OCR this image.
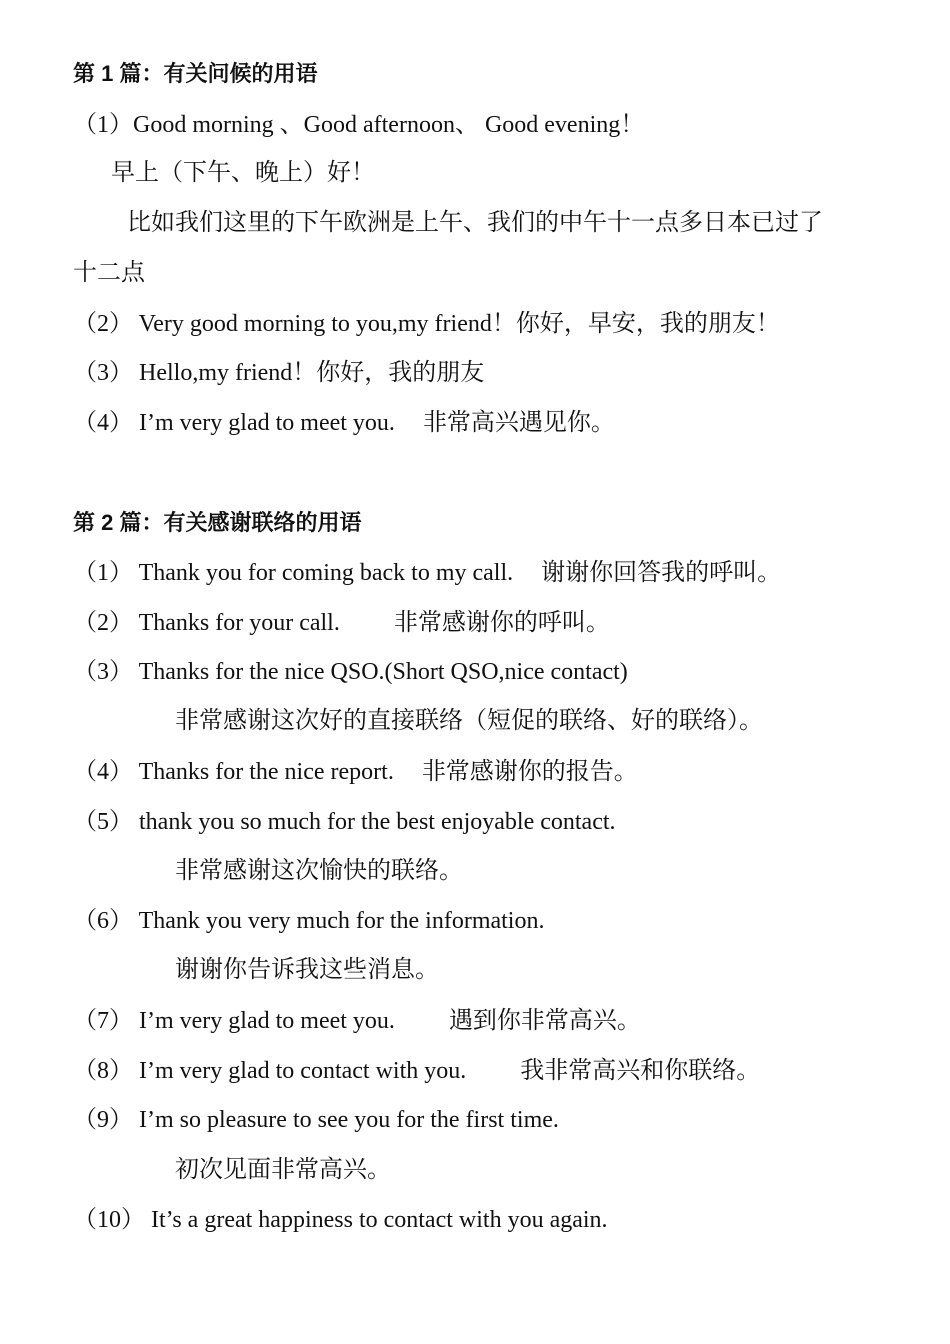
第 1 篇：有关问候的用语
（1）Good morning 、Good afternoon、 Good evening！
早上（下午、晚上）好！
比如我们这里的下午欧洲是上午、我们的中午十一点多日本已过了
十二点
（2） Very good morning to you,my friend！你好，早安，我的朋友！
（3） Hello,my friend！你好，我的朋友
（4） I’m very glad to meet you. 非常高兴遇见你。
第 2 篇：有关感谢联络的用语
（1） Thank you for coming back to my call. 谢谢你回答我的呼叫。
（2） Thanks for your call. 非常感谢你的呼叫。
（3） Thanks for the nice QSO.(Short QSO,nice contact)
非常感谢这次好的直接联络（短促的联络、好的联络）。
（4） Thanks for the nice report. 非常感谢你的报告。
（5） thank you so much for the best enjoyable contact.
非常感谢这次愉快的联络。
（6） Thank you very much for the information.
谢谢你告诉我这些消息。
（7） I’m very glad to meet you. 遇到你非常高兴。
（8） I’m very glad to contact with you. 我非常高兴和你联络。
（9） I’m so pleasure to see you for the first time.
初次见面非常高兴。
（10） It’s a great happiness to contact with you again.
